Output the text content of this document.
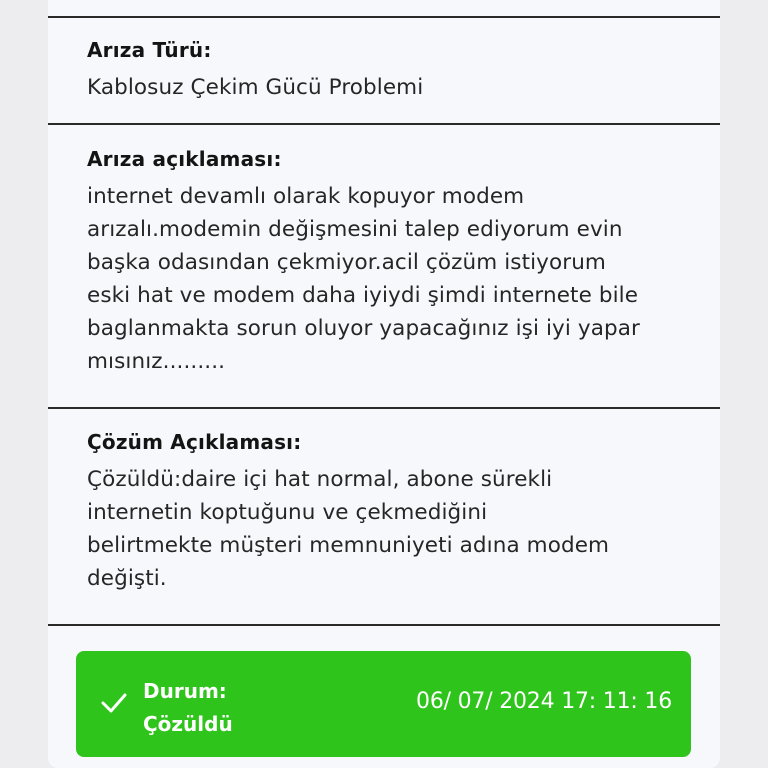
Arıza Türü:
Kablosuz Çekim Gücü Problemi
Arıza açıklaması:
internet devamlı olarak kopuyor modem
arızalı.modemin değişmesini talep ediyorum evin
başka odasından çekmiyor.acil çözüm istiyorum
eski hat ve modem daha iyiydi şimdi internete bile
baglanmakta sorun oluyor yapacağınız işi iyi yapar
mısınız.........
Çözüm Açıklaması:
Çözüldü:daire içi hat normal, abone sürekli
internetin koptuğunu ve çekmediğini
belirtmekte müşteri memnuniyeti adına modem
değişti.
Durum:
Çözüldü
06/ 07/ 2024 17: 11: 16
